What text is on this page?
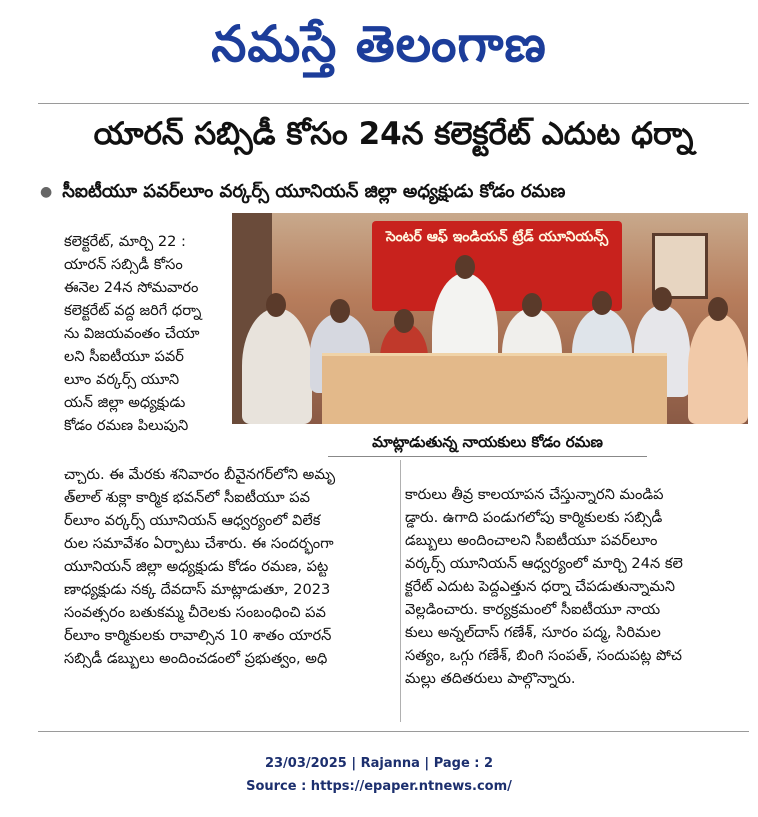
నమస్తే తెలంగాణ
యారన్ సబ్సిడీ కోసం 24న కలెక్టరేట్ ఎదుట ధర్నా
● సీఐటీయూ పవర్‌లూం వర్కర్స్ యూనియన్ జిల్లా అధ్యక్షుడు కోడం రమణ
కలెక్టరేట్, మార్చి 22 :
యారన్ సబ్సిడీ కోసం
ఈనెల 24న సోమవారం
కలెక్టరేట్ వద్ద జరిగే ధర్నా
ను విజయవంతం చేయా
లని సీఐటీయూ పవర్
లూం వర్కర్స్ యూని
యన్ జిల్లా అధ్యక్షుడు
కోడం రమణ పిలుపుని
సెంటర్ ఆఫ్ ఇండియన్ ట్రేడ్ యూనియన్స్
మాట్లాడుతున్న నాయకులు కోడం రమణ
చ్చారు. ఈ మేరకు శనివారం బీవైనగర్‌లోని అమృ
త్‌లాల్ శుక్లా కార్మిక భవన్‌లో సీఐటీయూ పవ
ర్‌లూం వర్కర్స్ యూనియన్ ఆధ్వర్యంలో విలేక
రుల సమావేశం ఏర్పాటు చేశారు. ఈ సందర్భంగా
యూనియన్ జిల్లా అధ్యక్షుడు కోడం రమణ, పట్ట
ణాధ్యక్షుడు నక్క దేవదాస్ మాట్లాడుతూ, 2023
సంవత్సరం బతుకమ్మ చీరెలకు సంబంధించి పవ
ర్‌లూం కార్మికులకు రావాల్సిన 10 శాతం యారన్
సబ్సిడీ డబ్బులు అందించడంలో ప్రభుత్వం, అధి
కారులు తీవ్ర కాలయాపన చేస్తున్నారని మండిప
డ్డారు. ఉగాది పండుగలోపు కార్మికులకు సబ్సిడీ
డబ్బులు అందించాలని సీఐటీయూ పవర్‌లూం
వర్కర్స్ యూనియన్ ఆధ్వర్యంలో మార్చి 24న కలె
క్టరేట్ ఎదుట పెద్దఎత్తున ధర్నా చేపడుతున్నామని
వెల్లడించారు. కార్యక్రమంలో సీఐటీయూ నాయ
కులు అన్నల్‌దాస్ గణేశ్, సూరం పద్మ, సిరిమల
సత్యం, ఒగ్గు గణేశ్, బింగి సంపత్, సందుపట్ల పోచ
మల్లు తదితరులు పాల్గొన్నారు.
23/03/2025 | Rajanna | Page : 2
Source : https://epaper.ntnews.com/
